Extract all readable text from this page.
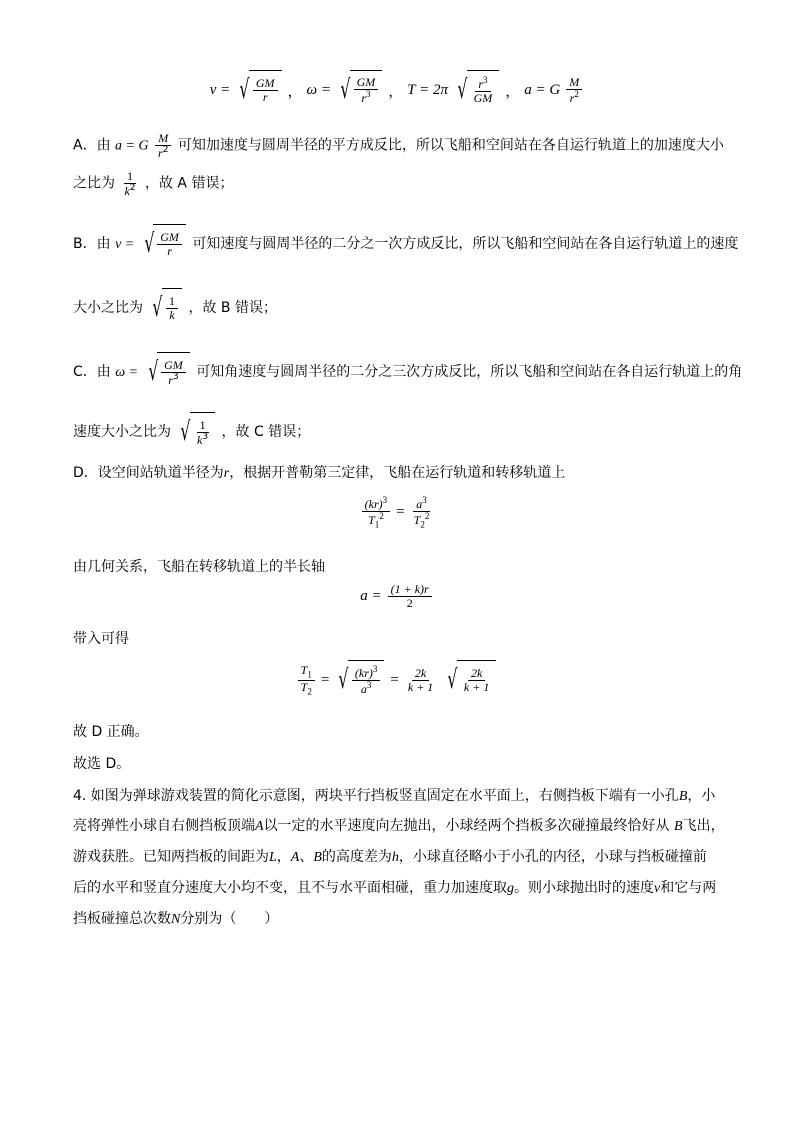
v = √ $\frac{GM}{r}$ ， ω = √ GM
$r^3$ ， T = 2π √ $r^3$
GM ， a = G M
$r^2$
A．由 a = G $\frac{M}{r^2}$ 可知加速度与圆周半径的平方成反比，所以飞船和空间站在各自运行轨道上的加速度大小
之比为 $\frac{1}{k^2}$ ，故 A 错误；
B．由 v = √ $\frac{GM}{r}$ 可知速度与圆周半径的二分之一次方成反比，所以飞船和空间站在各自运行轨道上的速度
大小之比为 √ $\frac{1}{k}$ ，故 B 错误；
C．由 ω = √ GM
$r^3$ 可知角速度与圆周半径的二分之三次方成反比，所以飞船和空间站在各自运行轨道上的角
速度大小之比为 √ 1
$k^3$ ，故 C 错误；
D．设空间站轨道半径为r，根据开普勒第三定律，飞船在运行轨道和转移轨道上
$\frac{(kr)^3}{T_1^2} = \frac{a^3}{T_2^2}$
由几何关系，飞船在转移轨道上的半长轴
$a = \frac{(1 + k)r}{2}$
带入可得
$\frac{T_1}{T_2}$ = √ (kr)$^3$
$a^3 = \frac{2k}{k + 1}$ √ 2k
k + 1
故 D 正确。
故选 D。
4. 如图为弹球游戏装置的简化示意图，两块平行挡板竖直固定在水平面上，右侧挡板下端有一小孔B，小
亮将弹性小球自右侧挡板顶端A以一定的水平速度向左抛出，小球经两个挡板多次碰撞最终恰好从 B飞出，
游戏获胜。已知两挡板的间距为L，A、B的高度差为h，小球直径略小于小孔的内径，小球与挡板碰撞前
后的水平和竖直分速度大小均不变，且不与水平面相碰，重力加速度取g。则小球抛出时的速度v和它与两
挡板碰撞总次数N分别为（　　）
